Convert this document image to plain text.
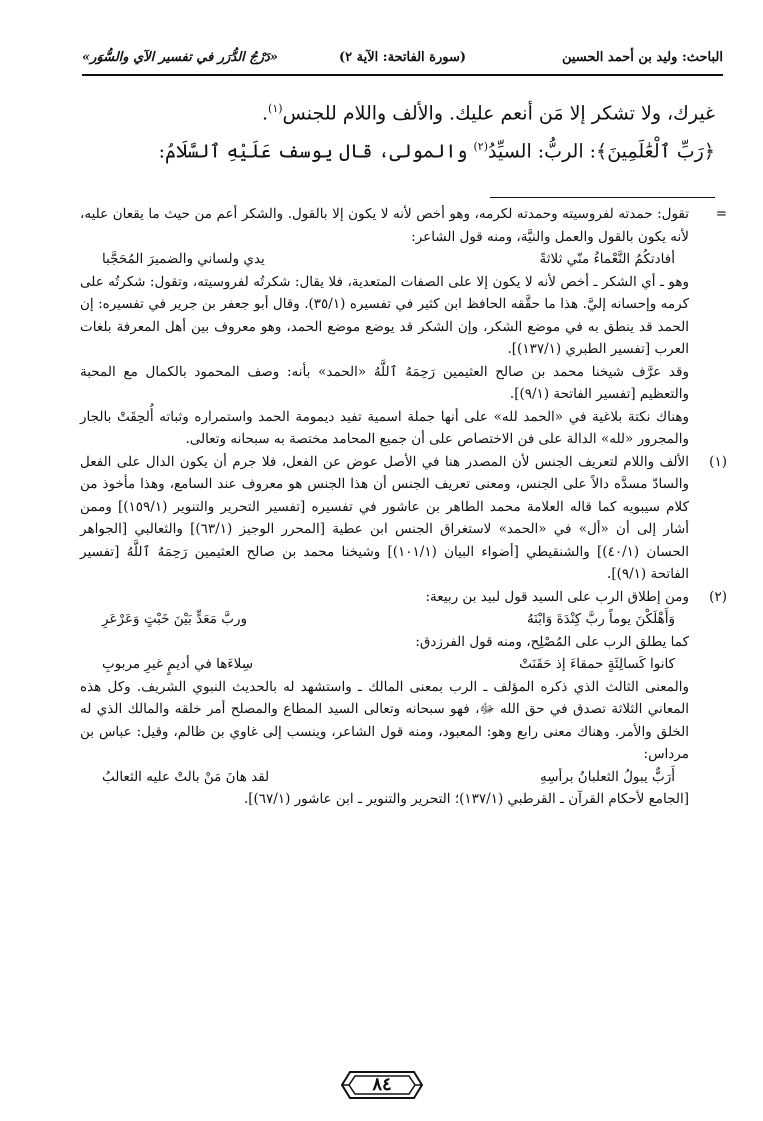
الباحث: وليد بن أحمد الحسين
(سورة الفاتحة: الآية ٢)
«دَرْجُ الدُّرَر في تفسير الآي والسُّوَر»

غيرك، ولا تشكر إلا مَن أنعم عليك. والألف واللام للجنس$^{(١)}$.

﴿رَبِّ ٱلْعَٰلَمِينَ﴾: الربُّ: السيِّدُ$^{(٢)}$ والمولى، قال يوسف عَلَيْهِ ٱلسَّلَامُ:

=

تقول: حمدته لفروسيته وحمدته لكرمه، وهو أخص لأنه لا يكون إلا بالقول. والشكر أعم من حيث ما يقعان عليه، لأنه يكون بالقول والعمل والنيَّة، ومنه قول الشاعر:

أفادتكُمُ النَّعْماءُ منّي ثلاثةً
يدي ولساني والضميرَ المُحَجَّبا

وهو ـ أي الشكر ـ أخص لأنه لا يكون إلا على الصفات المتعدية، فلا يقال: شكرتُه لفروسيته، وتقول: شكرتُه على كرمه وإحسانه إليَّ. هذا ما حقَّقه الحافظ ابن كثير في تفسيره (٣٥/١). وقال أبو جعفر بن جرير في تفسيره: إن الحمد قد ينطق به في موضع الشكر، وإن الشكر قد يوضع موضع الحمد، وهو معروف بين أهل المعرفة بلغات العرب [تفسير الطبري (١٣٧/١)].

وقد عرَّف شيخنا محمد بن صالح العثيمين رَحِمَهُ ٱللَّهُ «الحمد» بأنه: وصف المحمود بالكمال مع المحبة والتعظيم [تفسير الفاتحة (٩/١)].

وهناك نكتة بلاغية في «الحمد لله» على أنها جملة اسمية تفيد ديمومة الحمد واستمراره وثباته أُلحِقَتْ بالجار والمجرور «لله» الدالة على فن الاختصاص على أن جميع المحامد مختصة به سبحانه وتعالى.

(١)

الألف واللام لتعريف الجنس لأن المصدر هنا في الأصل عوض عن الفعل، فلا جرم أن يكون الدال على الفعل والسادّ مسدَّه دالاً على الجنس، ومعنى تعريف الجنس أن هذا الجنس هو معروف عند السامع، وهذا مأخوذ من كلام سيبويه كما قاله العلامة محمد الطاهر بن عاشور في تفسيره [تفسير التحرير والتنوير (١٥٩/١)] وممن أشار إلى أن «أل» في «الحمد» لاستغراق الجنس ابن عطية [المحرر الوجيز (٦٣/١)] والثعالبي [الجواهر الحسان (٤٠/١)] والشنقيطي [أضواء البيان (١٠١/١)] وشيخنا محمد بن صالح العثيمين رَحِمَهُ ٱللَّهُ [تفسير الفاتحة (٩/١)].

(٢)

ومن إطلاق الرب على السيد قول لبيد بن ربيعة:

وَأَهْلَكْنَ يوماً ربَّ كِنْدَةَ وَابْنَهُ
وربَّ مَعَدٍّ بَيْنَ خَبْتٍ وَعَرْعَرِ

كما يطلق الرب على المُصْلِح، ومنه قول الفرزدق:

كانوا كَسالِئَةٍ حمقاءَ إذ حَقَنَتْ
سِلاءَها في أديمٍ غيرِ مربوبِ

والمعنى الثالث الذي ذكره المؤلف ـ الرب بمعنى المالك ـ واستشهد له بالحديث النبوي الشريف. وكل هذه المعاني الثلاثة تصدق في حق الله ﷻ، فهو سبحانه وتعالى السيد المطاع والمصلح أمر خلقه والمالك الذي له الخلق والأمر. وهناك معنى رابع وهو: المعبود، ومنه قول الشاعر، وينسب إلى غاوي بن ظالم، وقيل: عباس بن مرداس:

أَرَبٌّ يبولُ الثعلبانُ برأسِهِ
لقد هانَ مَنْ بالتْ عليه الثعالبُ

[الجامع لأحكام القرآن ـ القرطبي (١٣٧/١)؛ التحرير والتنوير ـ ابن عاشور (٦٧/١)].

٨٤
